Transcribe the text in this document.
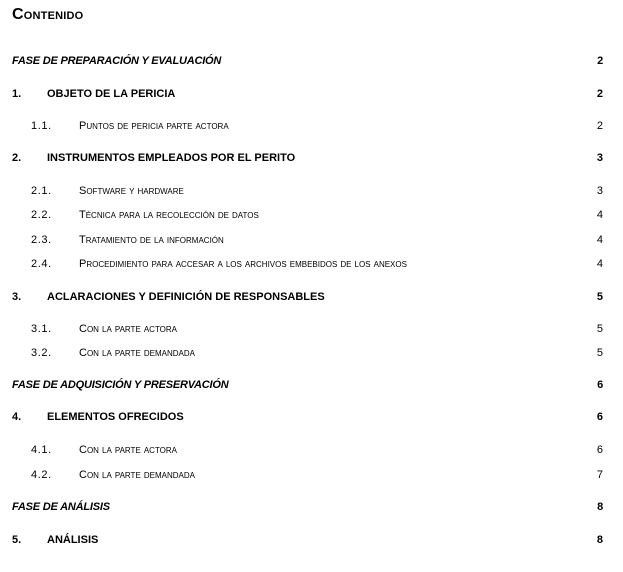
Contenido
FASE DE PREPARACIÓN Y EVALUACIÓN	2
1. OBJETO DE LA PERICIA	2
1.1. Puntos de pericia parte actora	2
2. INSTRUMENTOS EMPLEADOS POR EL PERITO	3
2.1. Software y hardware	3
2.2. Técnica para la recolección de datos	4
2.3. Tratamiento de la información	4
2.4. Procedimiento para accesar a los archivos embebidos de los anexos	4
3. ACLARACIONES Y DEFINICIÓN DE RESPONSABLES	5
3.1. Con la parte actora	5
3.2. Con la parte demandada	5
FASE DE ADQUISICIÓN Y PRESERVACIÓN	6
4. ELEMENTOS OFRECIDOS	6
4.1. Con la parte actora	6
4.2. Con la parte demandada	7
FASE DE ANÁLISIS	8
5. ANÁLISIS	8
